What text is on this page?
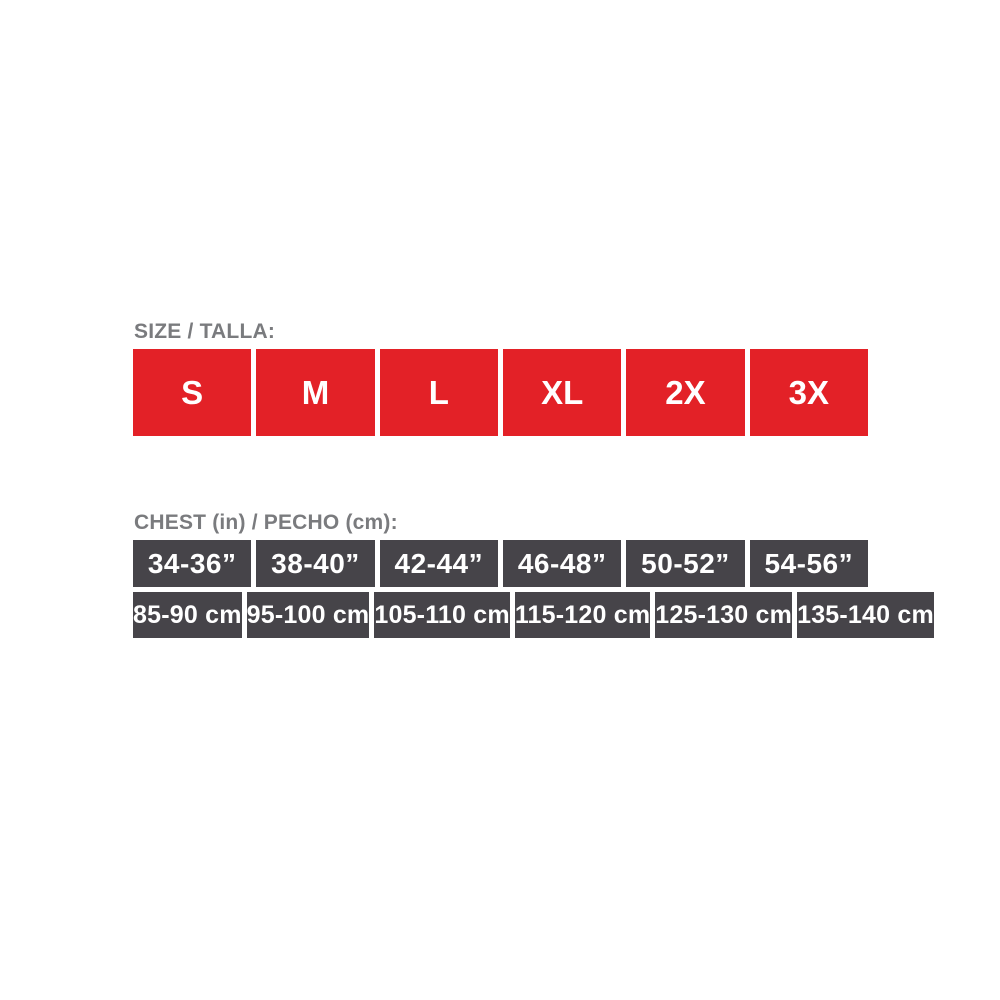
SIZE / TALLA:
S	M	L	XL	2X	3X
CHEST (in) / PECHO (cm):
34-36”	38-40”	42-44”	46-48”	50-52”	54-56”
85-90 cm 95-100 cm 105-110 cm 115-120 cm 125-130 cm 135-140 cm
